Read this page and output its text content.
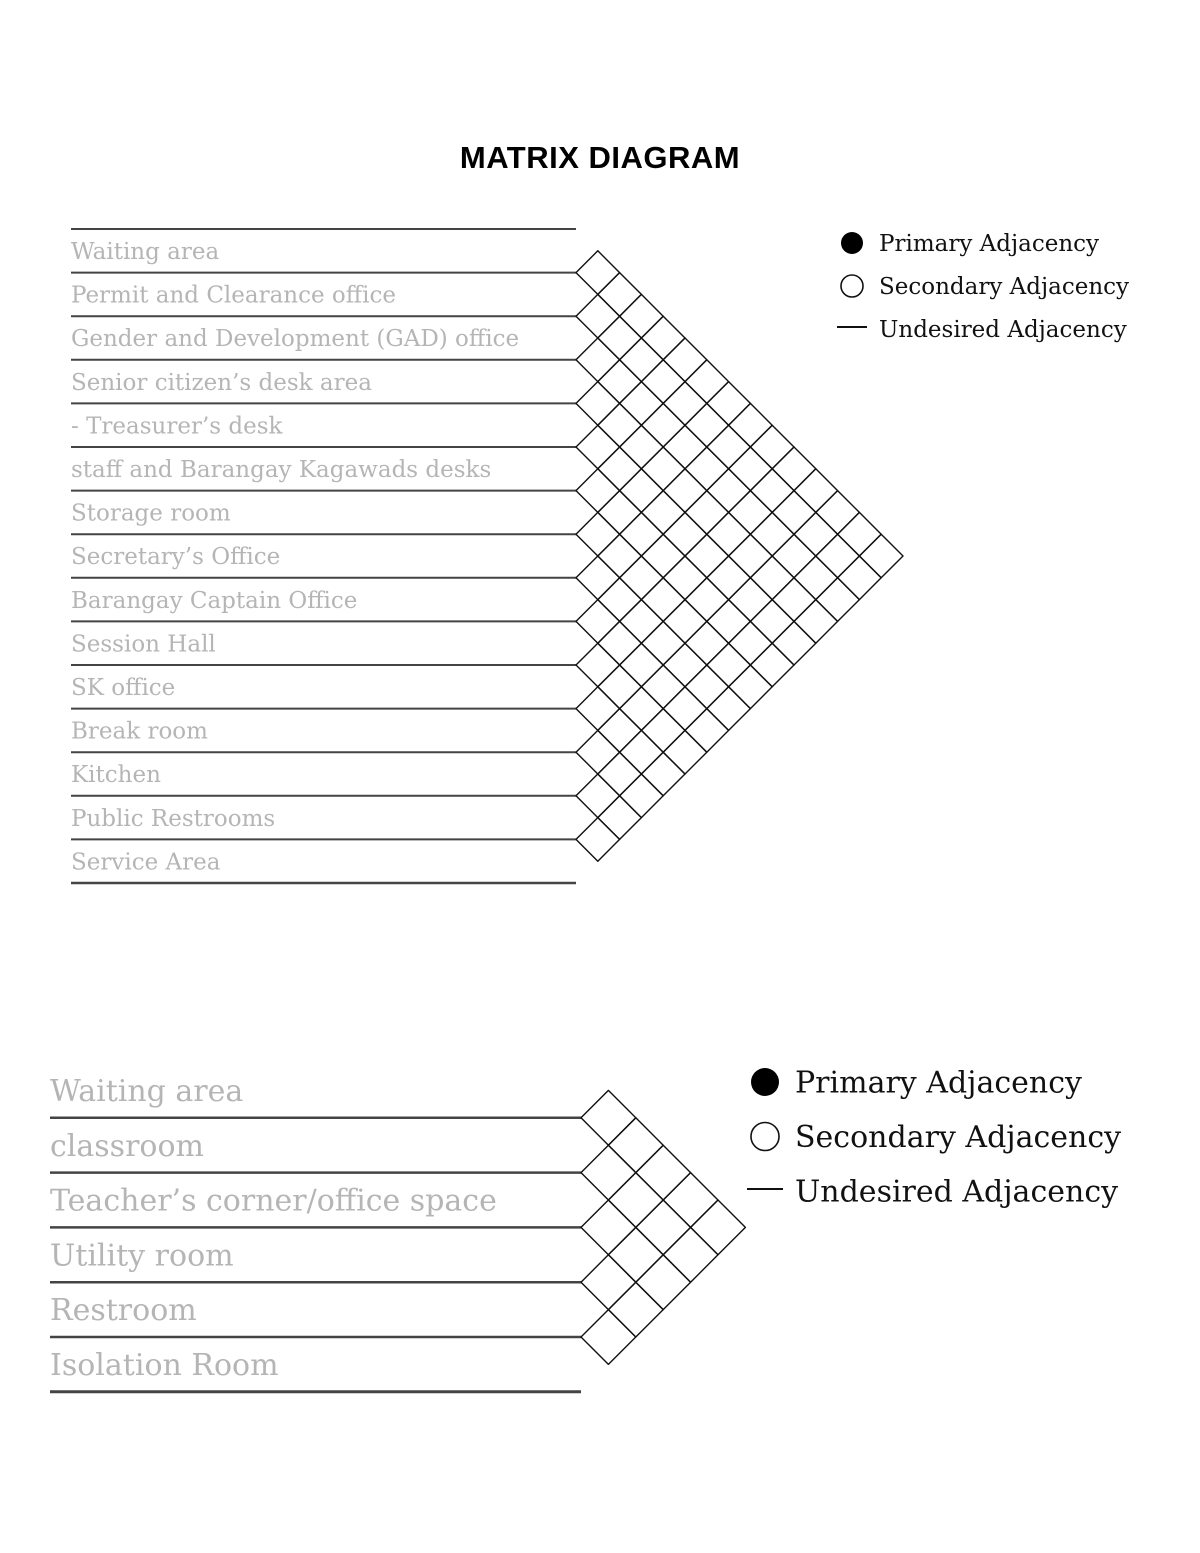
MATRIX DIAGRAM
Waiting area
Permit and Clearance office
Gender and Development (GAD) office
Senior citizen’s desk area
- Treasurer’s desk
staff and Barangay Kagawads desks
Storage room
Secretary’s Office
Barangay Captain Office
Session Hall
SK office
Break room
Kitchen
Public Restrooms
Service Area
Primary Adjacency
Secondary Adjacency
Undesired Adjacency
Waiting area
classroom
Teacher’s corner/office space
Utility room
Restroom
Isolation Room
Primary Adjacency
Secondary Adjacency
Undesired Adjacency
